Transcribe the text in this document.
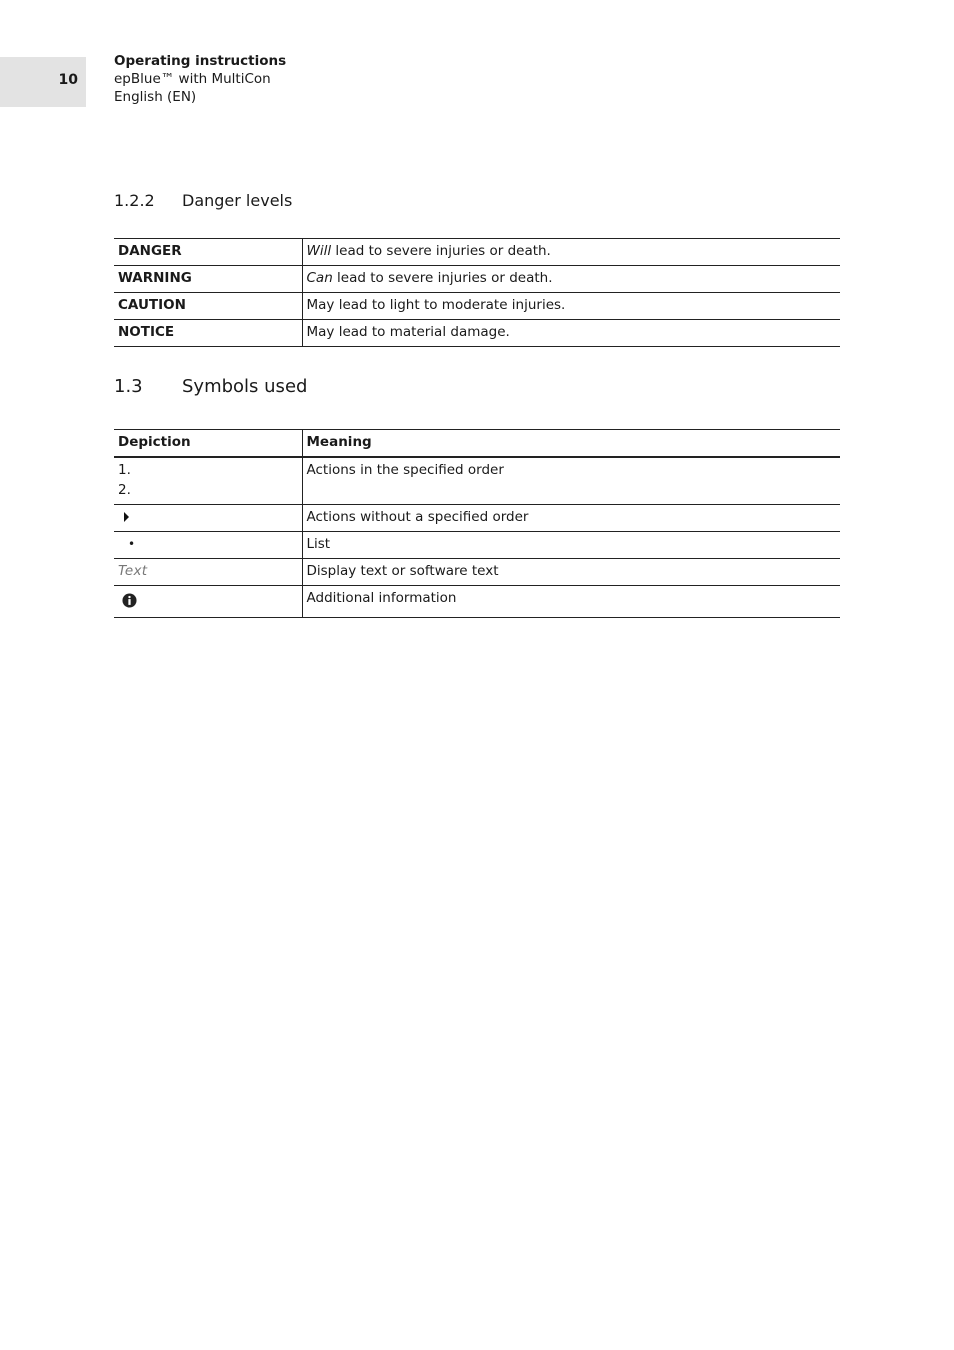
10
Operating instructions
epBlue™ with MultiCon
English (EN)
1.2.2 Danger levels
DANGER	Will lead to severe injuries or death.
WARNING	Can lead to severe injuries or death.
CAUTION	May lead to light to moderate injuries.
NOTICE	May lead to material damage.
1.3 Symbols used
Depiction	Meaning

1.
2.	Actions in the specified order
	Actions without a specified order
•	List
Text	Display text or software text
	Additional information
